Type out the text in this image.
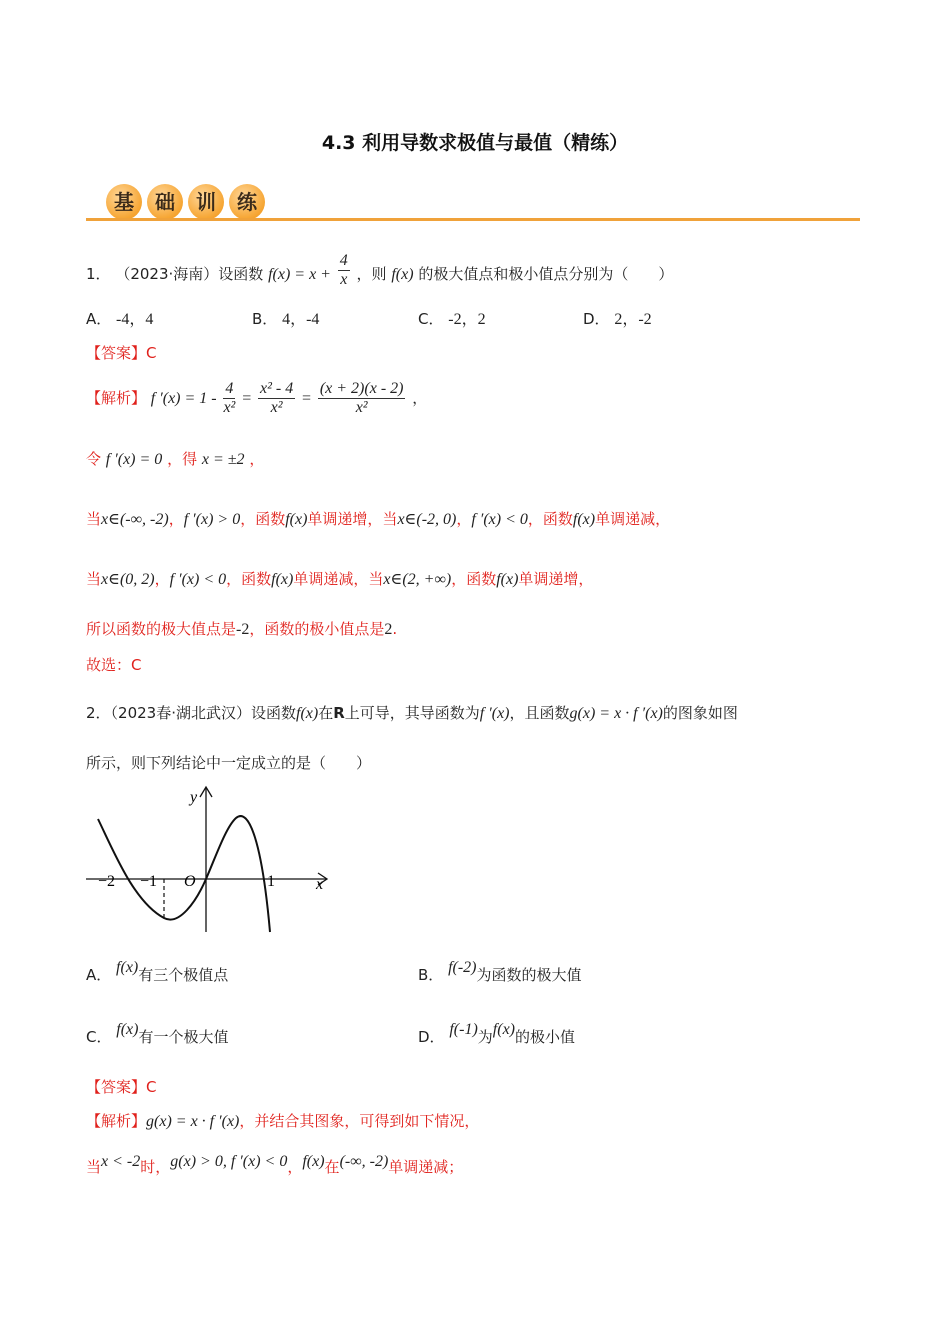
4.3 利用导数求极值与最值（精练）
基	础	训	练
1． （2023·海南）设函数 $f(x) = x + \frac{4}{x}$ ，则 f(x) 的极大值点和极小值点分别为（　　）
A． -4，4	B． 4，-4	C． -2，2	D． 2，-2
【答案】C
【解析】 f $'(x) = 1 - \frac{4}{\text{x²}} = \frac{\text{x² - 4}}{\text{x²}} = \frac{(x + 2)(x - 2)}{\text{x²}}$ ，
令 f ′(x) = 0 ，得 x = ±2 ，
当x∈(-∞, -2)，f ′(x) > 0，函数f(x)单调递增，当x∈(-2, 0)，f ′(x) < 0，函数f(x)单调递减，
当x∈(0, 2)，f ′(x) < 0，函数f(x)单调递减，当x∈(2, +∞)，函数f(x)单调递增，
所以函数的极大值点是-2，函数的极小值点是2.
故选：C
2．（2023春·湖北武汉）设函数f(x)在R上可导，其导函数为f ′(x)，且函数g(x) = x · f ′(x)的图象如图
所示，则下列结论中一定成立的是（　　）
y
x
O
−2 −1	1
A． f(x)有三个极值点	B． f(-2)为函数的极大值
C． f(x)有一个极大值	D． f(-1)为f(x)的极小值
【答案】C
【解析】g(x) = x · f ′(x)，并结合其图象，可得到如下情况，
当x < -2时，g(x) > 0, f ′(x) < 0，f(x)在(-∞, -2)单调递减；
